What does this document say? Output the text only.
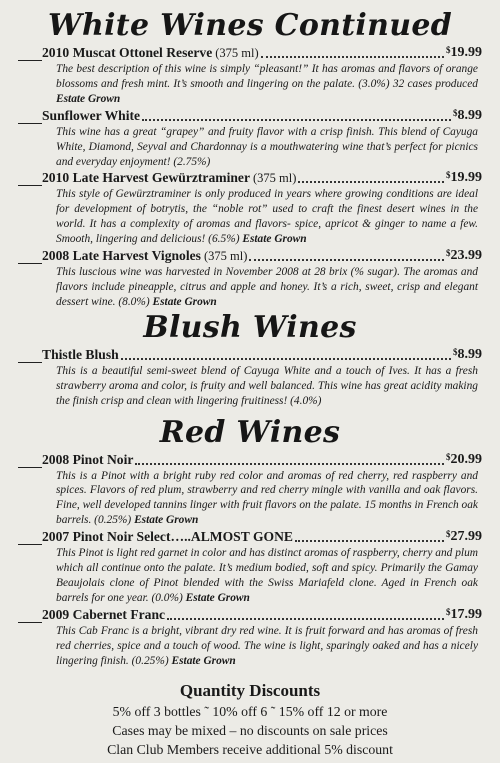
White Wines Continued
2010 Muscat Ottonel Reserve (375 ml)	$19.99
The best description of this wine is simply “pleasant!” It has aromas and flavors of orange blossoms and fresh mint. It’s smooth and lingering on the palate. (3.0%) 32 cases produced Estate Grown
Sunflower White	$8.99
This wine has a great “grapey” and fruity flavor with a crisp finish. This blend of Cayuga White, Diamond, Seyval and Chardonnay is a mouthwatering wine that’s perfect for picnics and everyday enjoyment! (2.75%)
2010 Late Harvest Gewürztraminer (375 ml)	$19.99
This style of Gewürztraminer is only produced in years where growing conditions are ideal for development of botrytis, the “noble rot” used to craft the finest desert wines in the world. It has a complexity of aromas and flavors- spice, apricot & ginger to name a few. Smooth, lingering and delicious! (6.5%) Estate Grown
2008 Late Harvest Vignoles (375 ml)	$23.99
This luscious wine was harvested in November 2008 at 28 brix (% sugar). The aromas and flavors include pineapple, citrus and apple and honey. It’s a rich, sweet, crisp and elegant dessert wine. (8.0%) Estate Grown
Blush Wines
Thistle Blush	$8.99
This is a beautiful semi-sweet blend of Cayuga White and a touch of Ives. It has a fresh strawberry aroma and color, is fruity and well balanced. This wine has great acidity making the finish crisp and clean with lingering fruitiness! (4.0%)
Red Wines
2008 Pinot Noir	$20.99
This is a Pinot with a bright ruby red color and aromas of red cherry, red raspberry and spices. Flavors of red plum, strawberry and red cherry mingle with vanilla and oak flavors. Fine, well developed tannins linger with fruit flavors on the palate. 15 months in French oak barrels. (0.25%) Estate Grown
2007 Pinot Noir Select…..ALMOST GONE	$27.99
This Pinot is light red garnet in color and has distinct aromas of raspberry, cherry and plum which all continue onto the palate. It’s medium bodied, soft and spicy. Primarily the Gamay Beaujolais clone of Pinot blended with the Swiss Mariafeld clone. Aged in French oak barrels for one year. (0.0%) Estate Grown
2009 Cabernet Franc	$17.99
This Cab Franc is a bright, vibrant dry red wine. It is fruit forward and has aromas of fresh red cherries, spice and a touch of wood. The wine is light, sparingly oaked and has a nicely lingering finish. (0.25%) Estate Grown
Quantity Discounts
5% off 3 bottles ˜ 10% off 6 ˜ 15% off 12 or more
Cases may be mixed – no discounts on sale prices
Clan Club Members receive additional 5% discount
